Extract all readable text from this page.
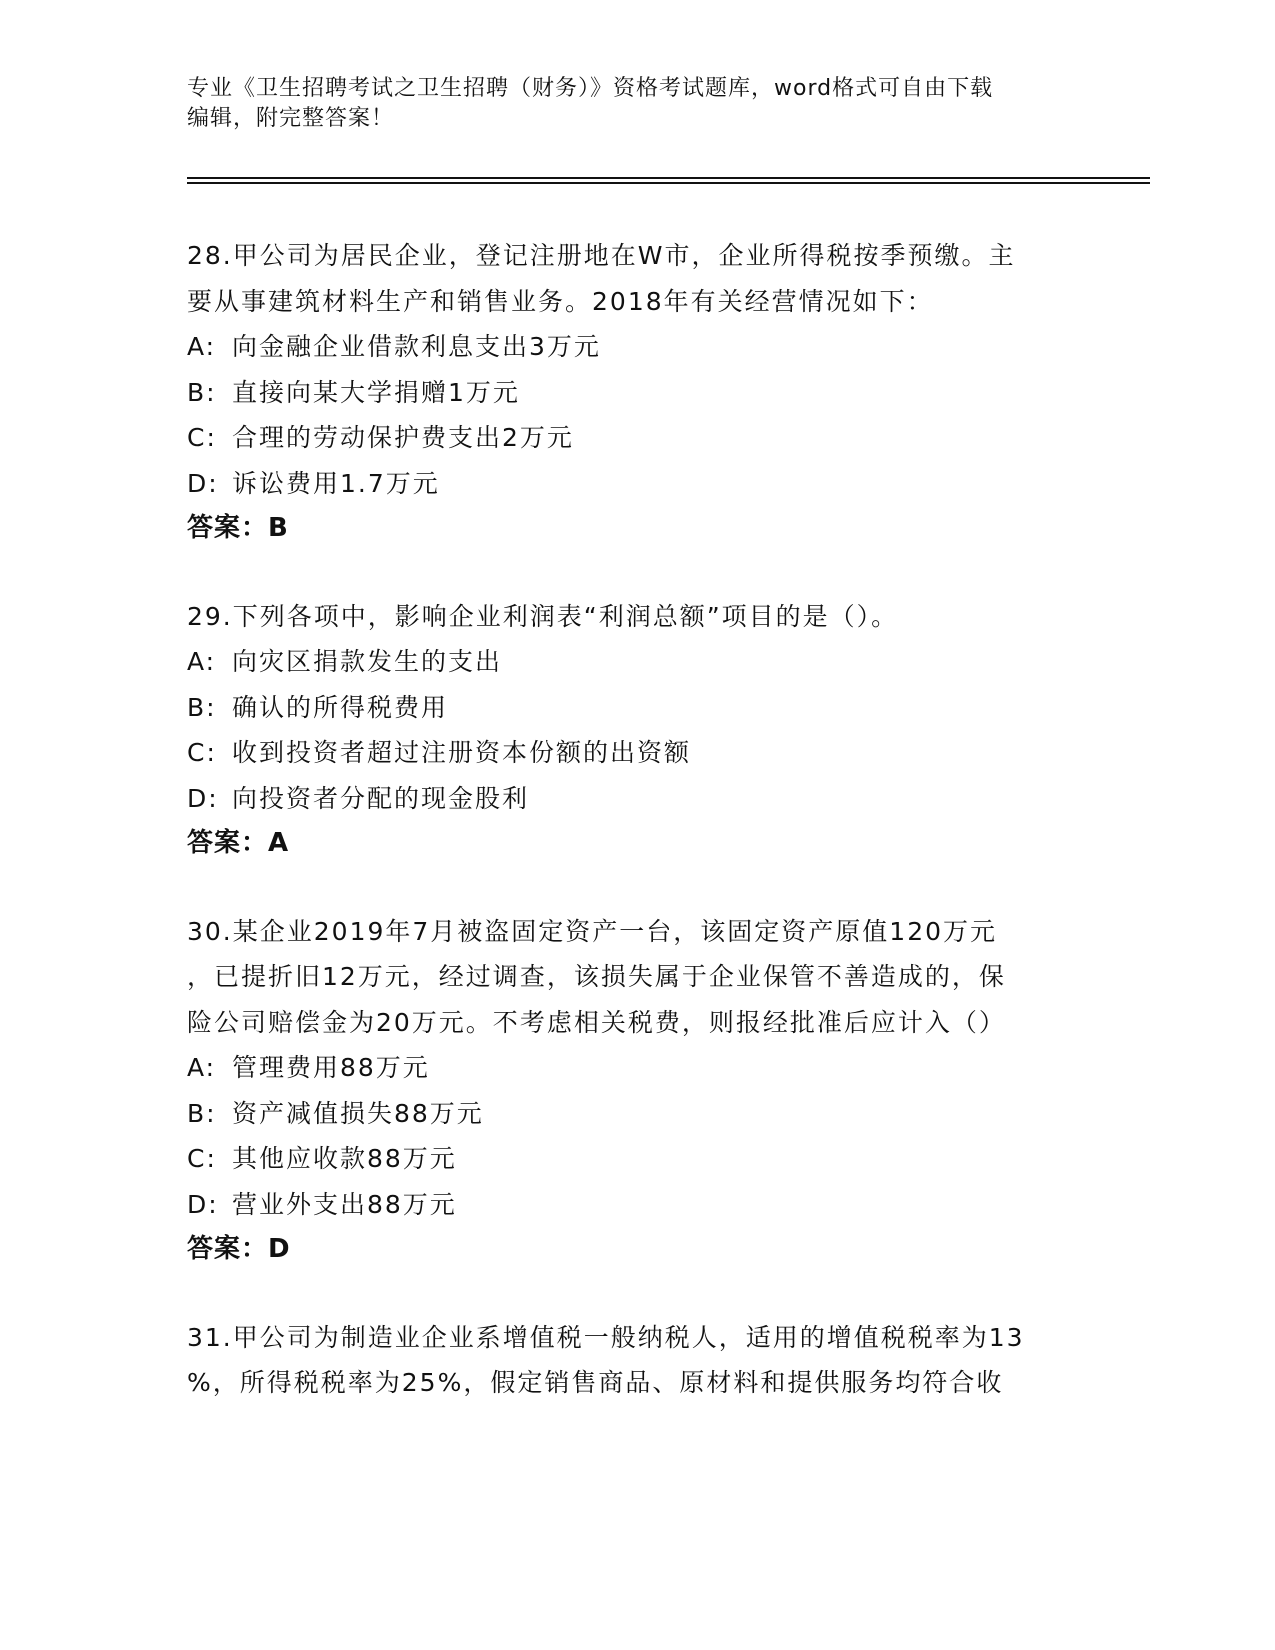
专业《卫生招聘考试之卫生招聘（财务）》资格考试题库，word格式可自由下载
编辑，附完整答案！
28.甲公司为居民企业，登记注册地在W市，企业所得税按季预缴。主
要从事建筑材料生产和销售业务。2018年有关经营情况如下：
A: 向金融企业借款利息支出3万元
B: 直接向某大学捐赠1万元
C: 合理的劳动保护费支出2万元
D: 诉讼费用1.7万元
答案：B
29.下列各项中，影响企业利润表“利润总额”项目的是（）。
A: 向灾区捐款发生的支出
B: 确认的所得税费用
C: 收到投资者超过注册资本份额的出资额
D: 向投资者分配的现金股利
答案：A
30.某企业2019年7月被盗固定资产一台，该固定资产原值120万元
，已提折旧12万元，经过调查，该损失属于企业保管不善造成的，保
险公司赔偿金为20万元。不考虑相关税费，则报经批准后应计入（）
A: 管理费用88万元
B: 资产减值损失88万元
C: 其他应收款88万元
D: 营业外支出88万元
答案：D
31.甲公司为制造业企业系增值税一般纳税人，适用的增值税税率为13
%，所得税税率为25%，假定销售商品、原材料和提供服务均符合收
